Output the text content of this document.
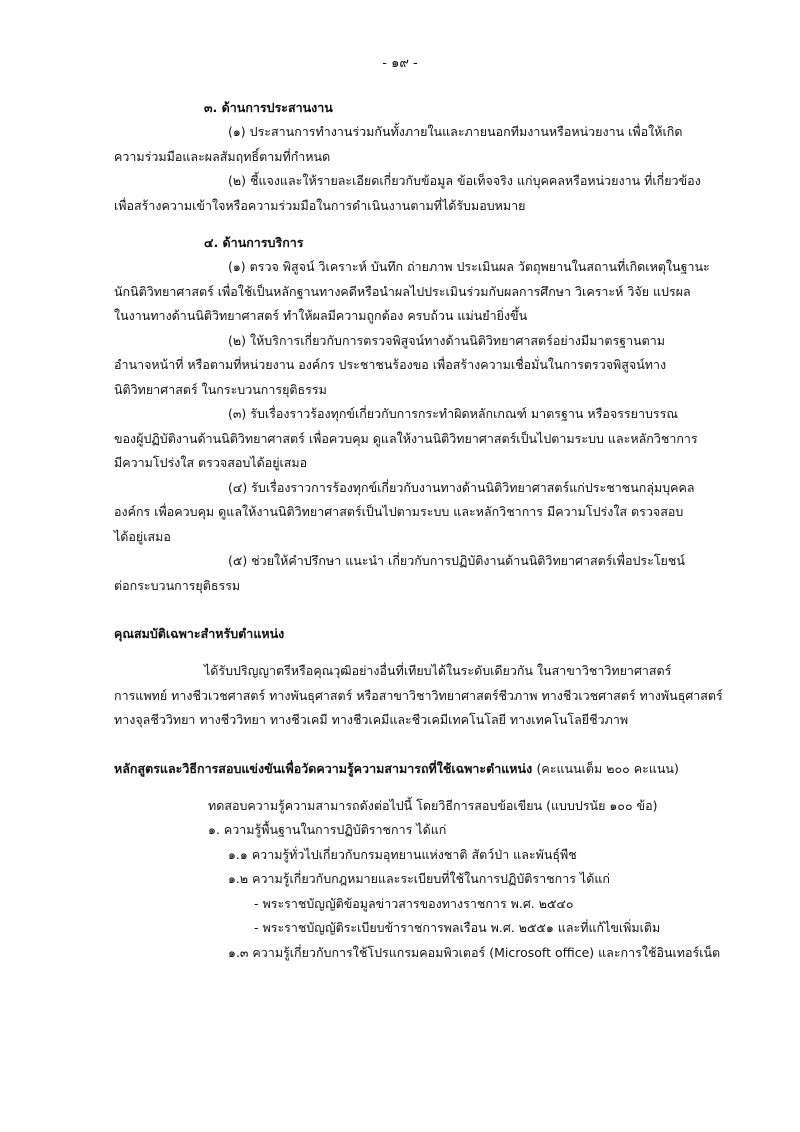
- ๑๙ -
๓. ด้านการประสานงาน

(๑) ประสานการทำงานร่วมกันทั้งภายในและภายนอกทีมงานหรือหน่วยงาน เพื่อให้เกิด
ความร่วมมือและผลสัมฤทธิ์ตามที่กำหนด

(๒) ชี้แจงและให้รายละเอียดเกี่ยวกับข้อมูล ข้อเท็จจริง แก่บุคคลหรือหน่วยงาน ที่เกี่ยวข้อง
เพื่อสร้างความเข้าใจหรือความร่วมมือในการดำเนินงานตามที่ได้รับมอบหมาย

๔. ด้านการบริการ

(๑) ตรวจ พิสูจน์ วิเคราะห์ บันทึก ถ่ายภาพ ประเมินผล วัตถุพยานในสถานที่เกิดเหตุในฐานะ
นักนิติวิทยาศาสตร์ เพื่อใช้เป็นหลักฐานทางคดีหรือนำผลไปประเมินร่วมกับผลการศึกษา วิเคราะห์ วิจัย แปรผล
ในงานทางด้านนิติวิทยาศาสตร์ ทำให้ผลมีความถูกต้อง ครบถ้วน แม่นยำยิ่งขึ้น

(๒) ให้บริการเกี่ยวกับการตรวจพิสูจน์ทางด้านนิติวิทยาศาสตร์อย่างมีมาตรฐานตาม
อำนาจหน้าที่ หรือตามที่หน่วยงาน องค์กร ประชาชนร้องขอ เพื่อสร้างความเชื่อมั่นในการตรวจพิสูจน์ทาง
นิติวิทยาศาสตร์ ในกระบวนการยุติธรรม

(๓) รับเรื่องราวร้องทุกข์เกี่ยวกับการกระทำผิดหลักเกณฑ์ มาตรฐาน หรือจรรยาบรรณ
ของผู้ปฏิบัติงานด้านนิติวิทยาศาสตร์ เพื่อควบคุม ดูแลให้งานนิติวิทยาศาสตร์เป็นไปตามระบบ และหลักวิชาการ
มีความโปร่งใส ตรวจสอบได้อยู่เสมอ

(๔) รับเรื่องราวการร้องทุกข์เกี่ยวกับงานทางด้านนิติวิทยาศาสตร์แก่ประชาชนกลุ่มบุคคล
องค์กร เพื่อควบคุม ดูแลให้งานนิติวิทยาศาสตร์เป็นไปตามระบบ และหลักวิชาการ มีความโปร่งใส ตรวจสอบ
ได้อยู่เสมอ

(๕) ช่วยให้คำปรึกษา แนะนำ เกี่ยวกับการปฏิบัติงานด้านนิติวิทยาศาสตร์เพื่อประโยชน์
ต่อกระบวนการยุติธรรม

คุณสมบัติเฉพาะสำหรับตำแหน่ง

ได้รับปริญญาตรีหรือคุณวุฒิอย่างอื่นที่เทียบได้ในระดับเดียวกัน ในสาขาวิชาวิทยาศาสตร์
การแพทย์ ทางชีวเวชศาสตร์ ทางพันธุศาสตร์ หรือสาขาวิชาวิทยาศาสตร์ชีวภาพ ทางชีวเวชศาสตร์ ทางพันธุศาสตร์
ทางจุลชีววิทยา ทางชีววิทยา ทางชีวเคมี ทางชีวเคมีและชีวเคมีเทคโนโลยี ทางเทคโนโลยีชีวภาพ

หลักสูตรและวิธีการสอบแข่งขันเพื่อวัดความรู้ความสามารถที่ใช้เฉพาะตำแหน่ง (คะแนนเต็ม ๒๐๐ คะแนน)
ทดสอบความรู้ความสามารถดังต่อไปนี้ โดยวิธีการสอบข้อเขียน (แบบปรนัย ๑๐๐ ข้อ)
๑. ความรู้พื้นฐานในการปฏิบัติราชการ ได้แก่
๑.๑ ความรู้ทั่วไปเกี่ยวกับกรมอุทยานแห่งชาติ สัตว์ป่า และพันธุ์พืช
๑.๒ ความรู้เกี่ยวกับกฎหมายและระเบียบที่ใช้ในการปฏิบัติราชการ ได้แก่
- พระราชบัญญัติข้อมูลข่าวสารของทางราชการ พ.ศ. ๒๕๔๐
- พระราชบัญญัติระเบียบข้าราชการพลเรือน พ.ศ. ๒๕๕๑ และที่แก้ไขเพิ่มเติม
๑.๓ ความรู้เกี่ยวกับการใช้โปรแกรมคอมพิวเตอร์ (Microsoft office) และการใช้อินเทอร์เน็ต
